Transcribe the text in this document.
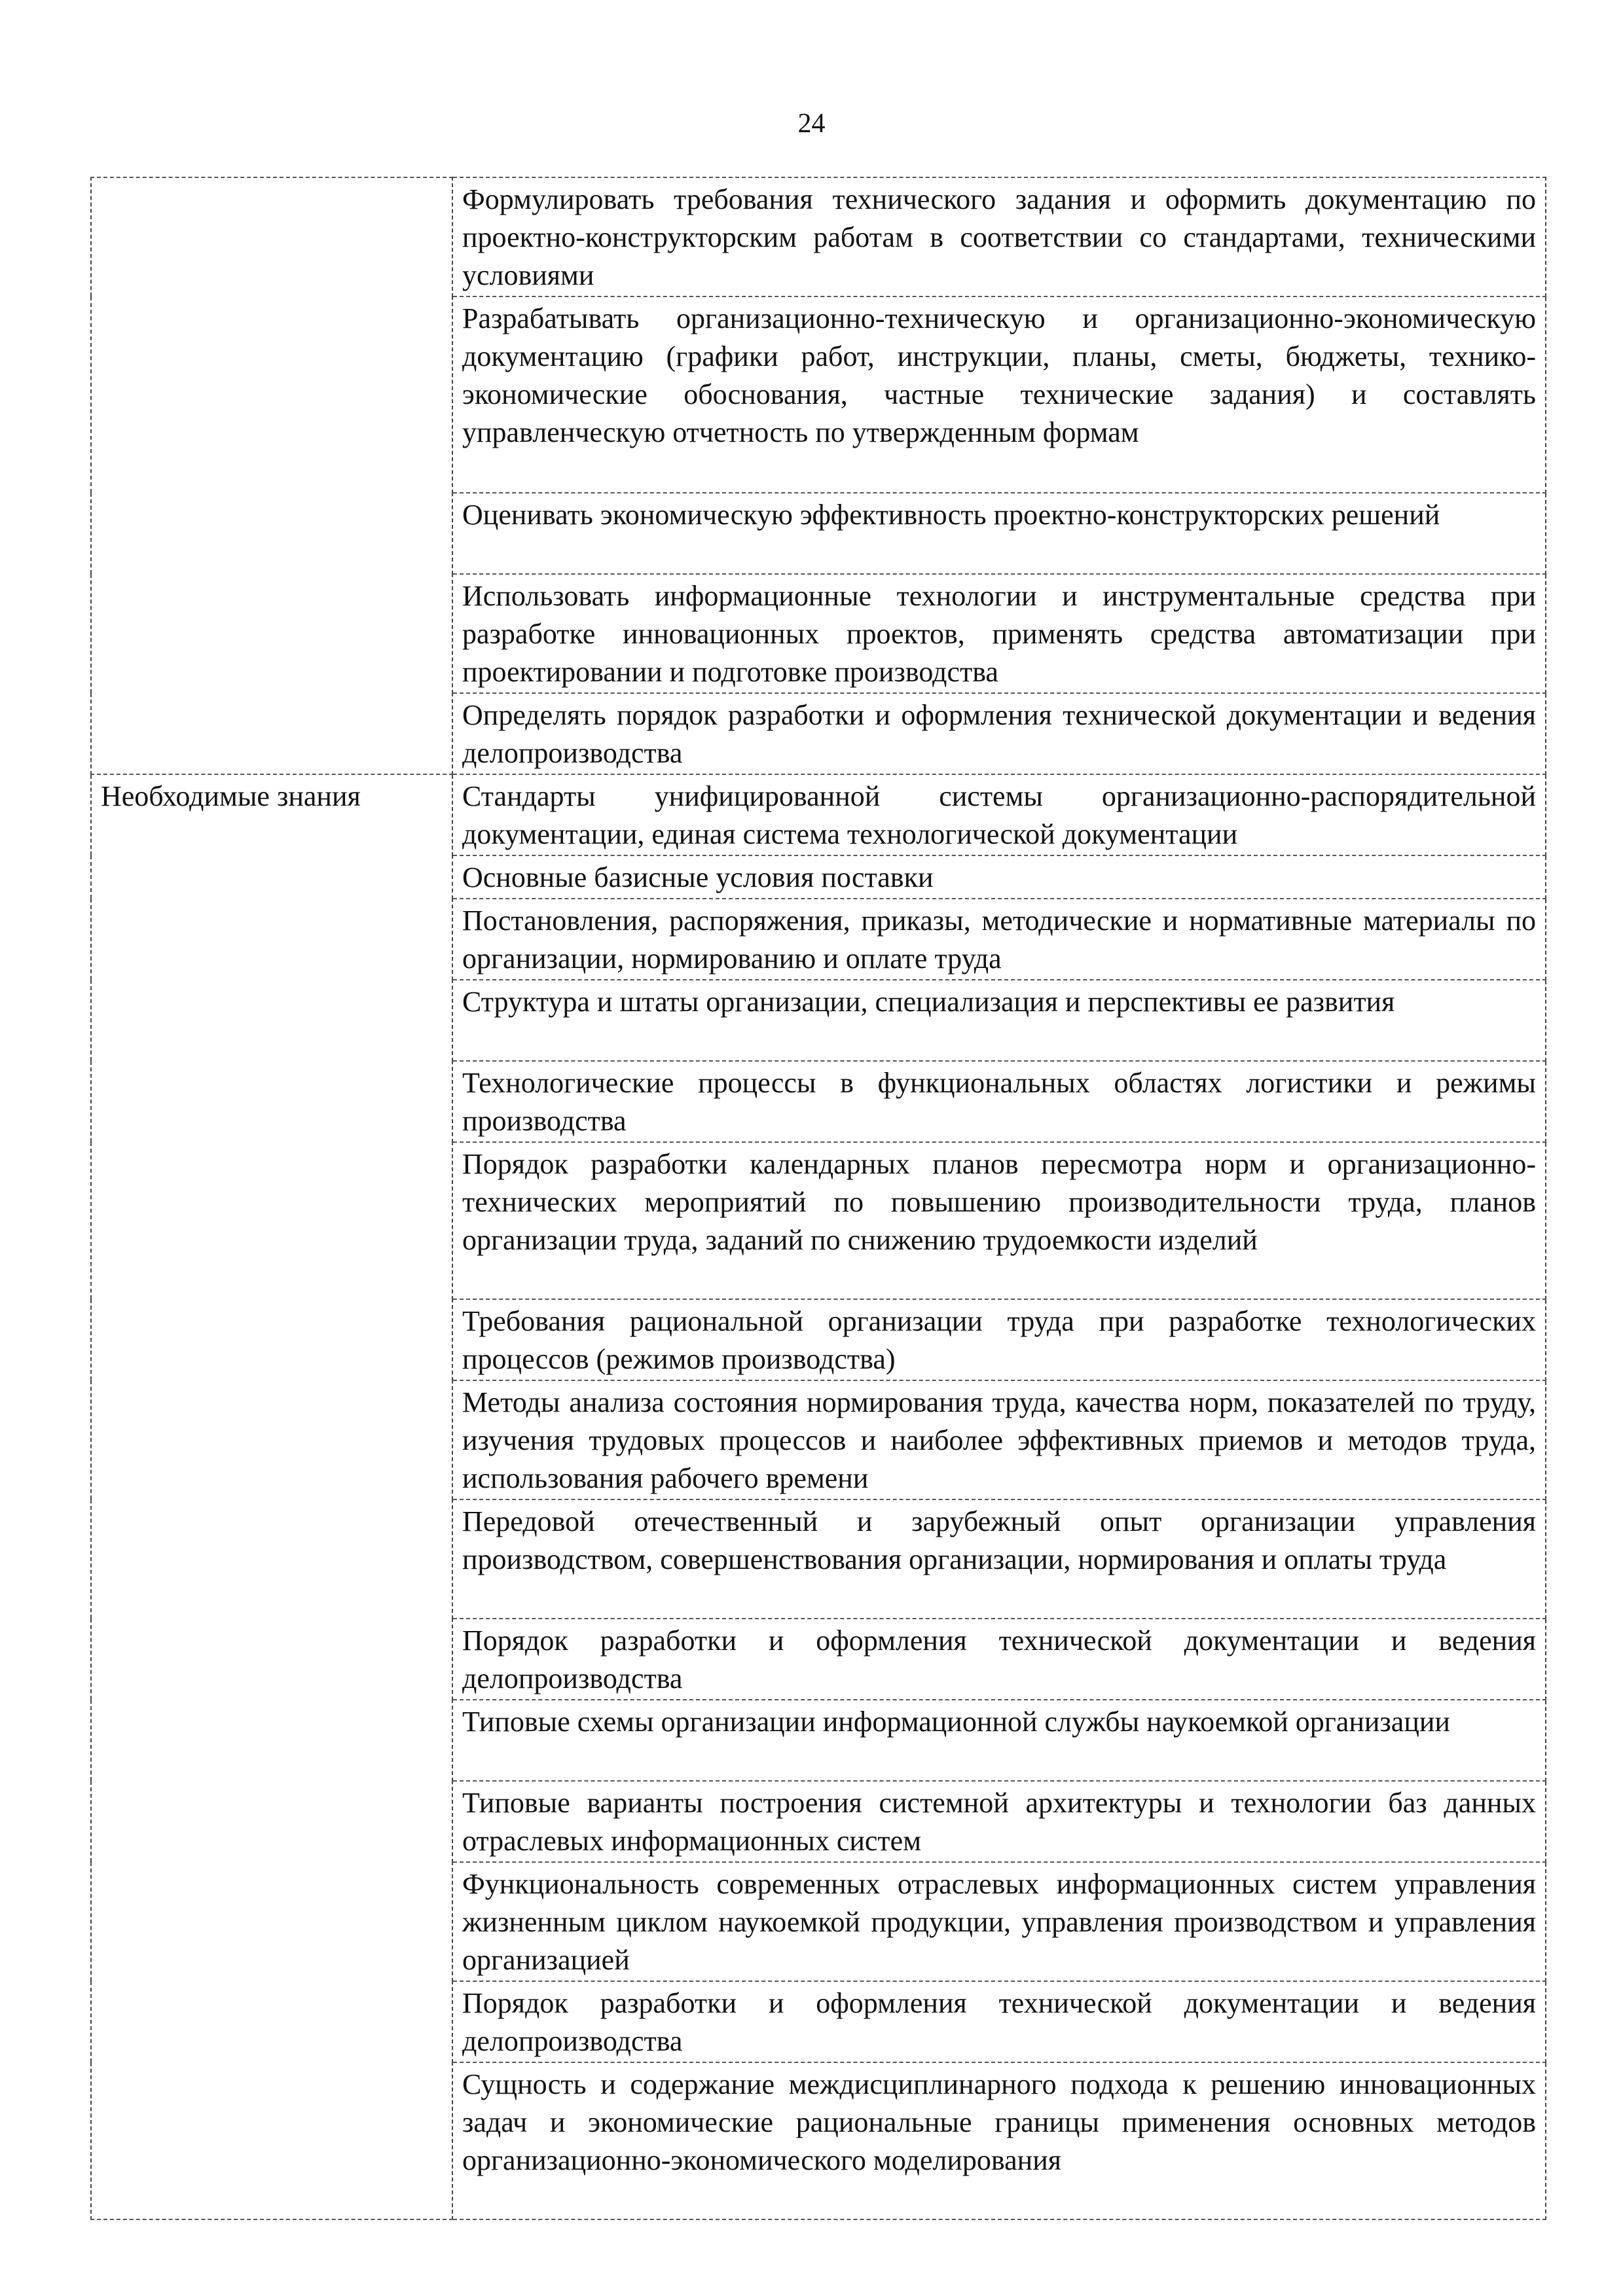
24
	Формулировать требования технического задания и оформить документацию по проектно-конструкторским работам в соответствии со стандартами, техническими условиями
	Разрабатывать организационно-техническую и организационно-экономическую документацию (графики работ, инструкции, планы, сметы, бюджеты, технико-экономические обоснования, частные технические задания) и составлять управленческую отчетность по утвержденным формам
	Оценивать экономическую эффективность проектно-конструкторских решений
	Использовать информационные технологии и инструментальные средства при разработке инновационных проектов, применять средства автоматизации при проектировании и подготовке производства
	Определять порядок разработки и оформления технической документации и ведения делопроизводства
Необходимые знания	Стандарты унифицированной системы организационно-распорядительной документации, единая система технологической документации
	Основные базисные условия поставки
	Постановления, распоряжения, приказы, методические и нормативные материалы по организации, нормированию и оплате труда
	Структура и штаты организации, специализация и перспективы ее развития
	Технологические процессы в функциональных областях логистики и режимы производства
	Порядок разработки календарных планов пересмотра норм и организационно-технических мероприятий по повышению производительности труда, планов организации труда, заданий по снижению трудоемкости изделий
	Требования рациональной организации труда при разработке технологических процессов (режимов производства)
	Методы анализа состояния нормирования труда, качества норм, показателей по труду, изучения трудовых процессов и наиболее эффективных приемов и методов труда, использования рабочего времени
	Передовой отечественный и зарубежный опыт организации управления производством, совершенствования организации, нормирования и оплаты труда
	Порядок разработки и оформления технической документации и ведения делопроизводства
	Типовые схемы организации информационной службы наукоемкой организации
	Типовые варианты построения системной архитектуры и технологии баз данных отраслевых информационных систем
	Функциональность современных отраслевых информационных систем управления жизненным циклом наукоемкой продукции, управления производством и управления организацией
	Порядок разработки и оформления технической документации и ведения делопроизводства
	Сущность и содержание междисциплинарного подхода к решению инновационных задач и экономические рациональные границы применения основных методов организационно-экономического моделирования
